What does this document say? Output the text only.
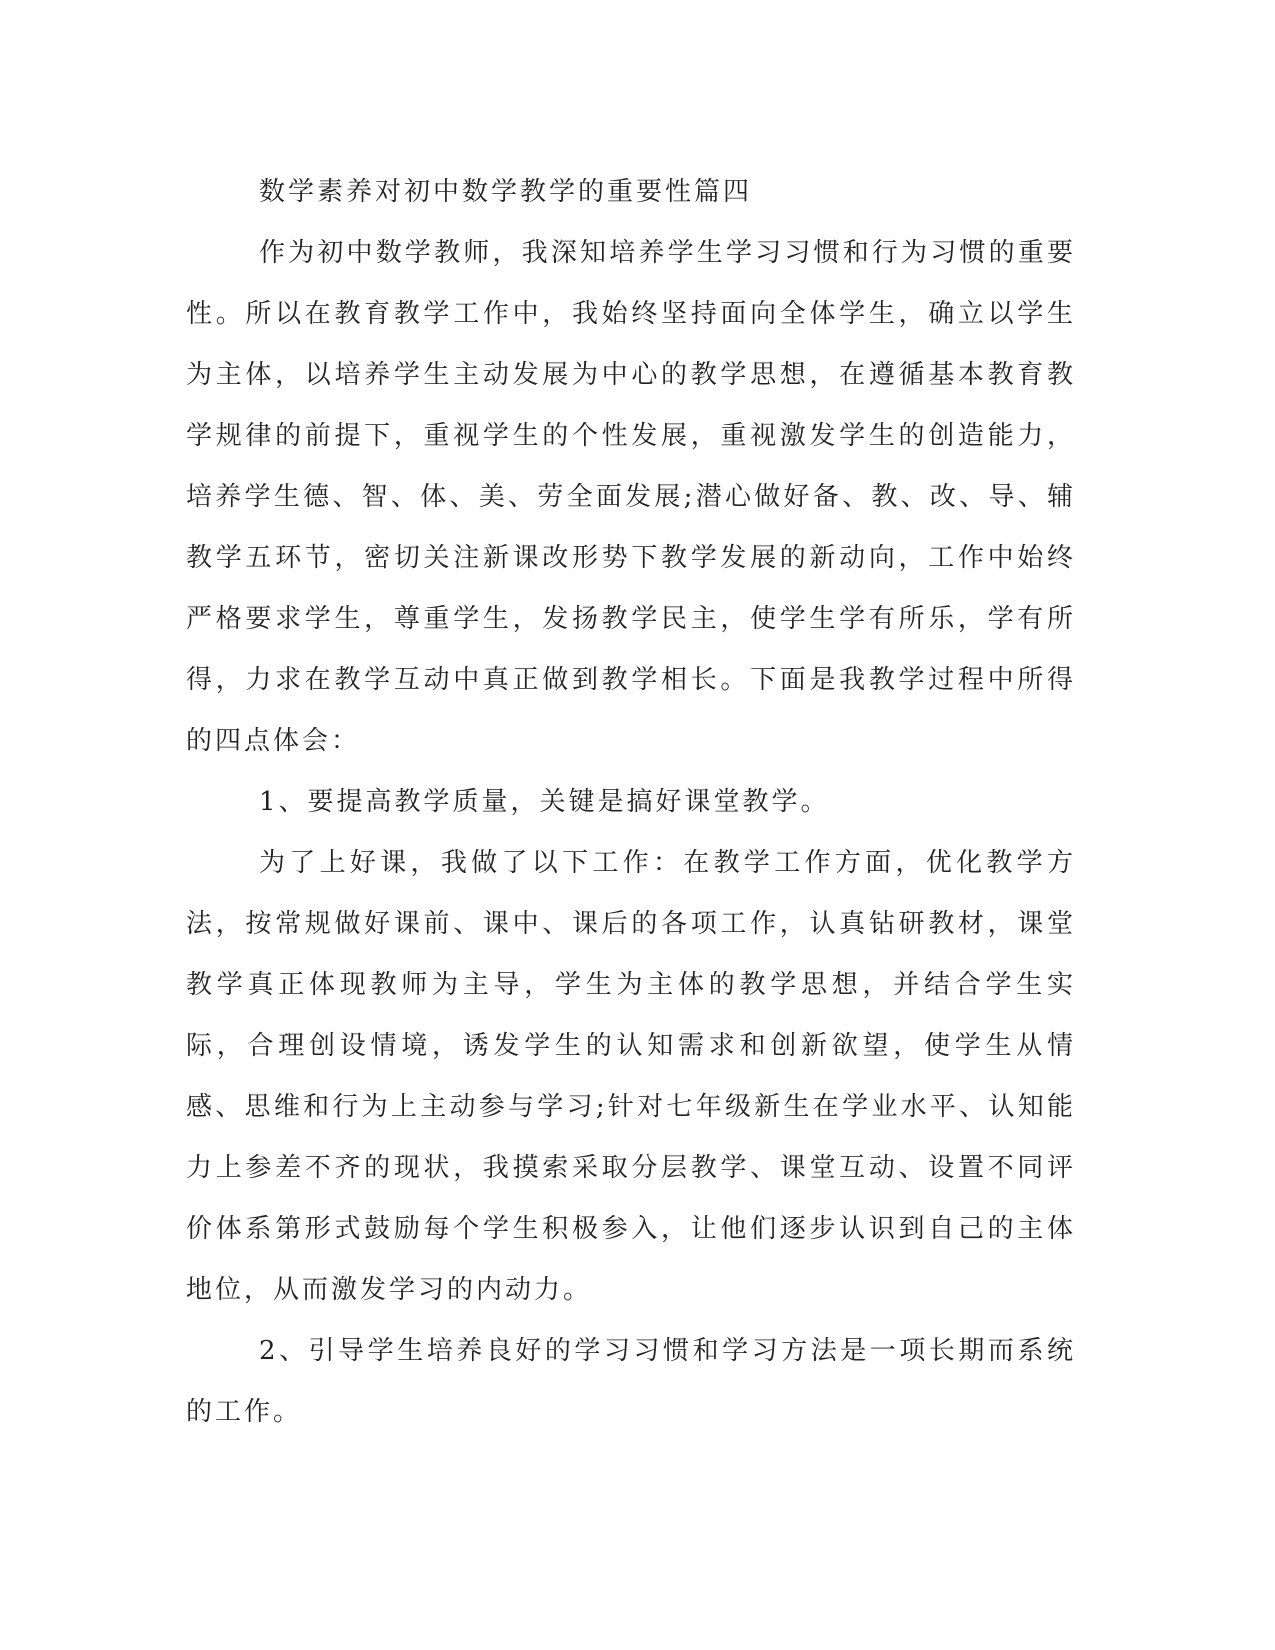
数学素养对初中数学教学的重要性篇四

作为初中数学教师，我深知培养学生学习习惯和行为习惯的重要性。所以在教育教学工作中，我始终坚持面向全体学生，确立以学生为主体，以培养学生主动发展为中心的教学思想，在遵循基本教育教学规律的前提下，重视学生的个性发展，重视激发学生的创造能力，培养学生德、智、体、美、劳全面发展;潜心做好备、教、改、导、辅教学五环节，密切关注新课改形势下教学发展的新动向，工作中始终严格要求学生，尊重学生，发扬教学民主，使学生学有所乐，学有所得，力求在教学互动中真正做到教学相长。下面是我教学过程中所得的四点体会：

1、要提高教学质量，关键是搞好课堂教学。

为了上好课，我做了以下工作：在教学工作方面，优化教学方法，按常规做好课前、课中、课后的各项工作，认真钻研教材，课堂教学真正体现教师为主导，学生为主体的教学思想，并结合学生实际，合理创设情境，诱发学生的认知需求和创新欲望，使学生从情感、思维和行为上主动参与学习;针对七年级新生在学业水平、认知能力上参差不齐的现状，我摸索采取分层教学、课堂互动、设置不同评价体系第形式鼓励每个学生积极参入，让他们逐步认识到自己的主体地位，从而激发学习的内动力。

2、引导学生培养良好的学习习惯和学习方法是一项长期而系统的工作。
